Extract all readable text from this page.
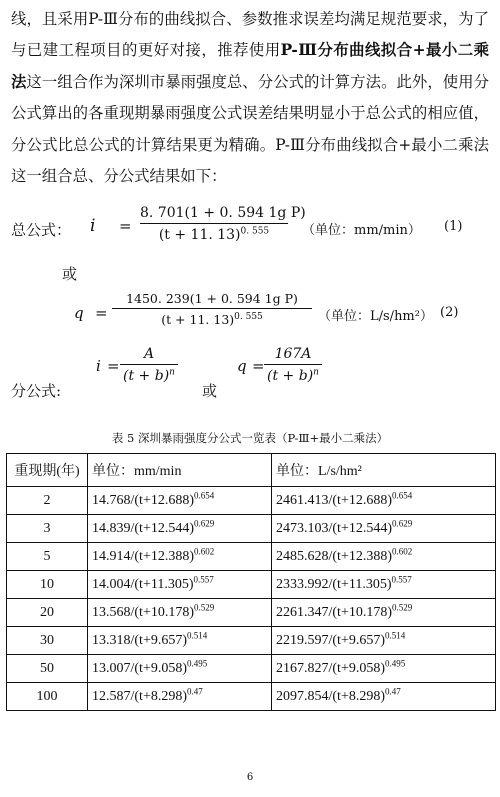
线，且采用P-Ⅲ分布的曲线拟合、参数推求误差均满足规范要求，为了与已建工程项目的更好对接，推荐使用P-Ⅲ分布曲线拟合+最小二乘法这一组合作为深圳市暴雨强度总、分公式的计算方法。此外，使用分公式算出的各重现期暴雨强度公式误差结果明显小于总公式的相应值，分公式比总公式的计算结果更为精确。P-Ⅲ分布曲线拟合+最小二乘法这一组合总、分公式结果如下：

总公式： i =
8. 701(1 + 0. 594 1g P)
(t + 11. 13)$^{0. 555}$	（单位：mm/min） (1)
或
q =
1450. 239(1 + 0. 594 1g P)
(t + 11. 13)$^{0. 555}$	（单位：L/s/hm²） (2)
分公式:
i =
A
$(t + b)^n$
或
q =
167A
$(t + b)^n$
表 5 深圳暴雨强度分公式一览表（P-Ⅲ+最小二乘法）
重现期(年)	单位：mm/min	单位：L/s/hm²
2	$14.768/(t+12.688)^{0.654}$	$2461.413/(t+12.688)^{0.654}$
3	$14.839/(t+12.544)^{0.629}$	$2473.103/(t+12.544)^{0.629}$
5	$14.914/(t+12.388)^{0.602}$	$2485.628/(t+12.388)^{0.602}$
10	$14.004/(t+11.305)^{0.557}$	$2333.992/(t+11.305)^{0.557}$
20	$13.568/(t+10.178)^{0.529}$	$2261.347/(t+10.178)^{0.529}$
30	$13.318/(t+9.657)^{0.514}$	$2219.597/(t+9.657)^{0.514}$
50	$13.007/(t+9.058)^{0.495}$	$2167.827/(t+9.058)^{0.495}$
100	$12.587/(t+8.298)^{0.47}$	$2097.854/(t+8.298)^{0.47}$
6
